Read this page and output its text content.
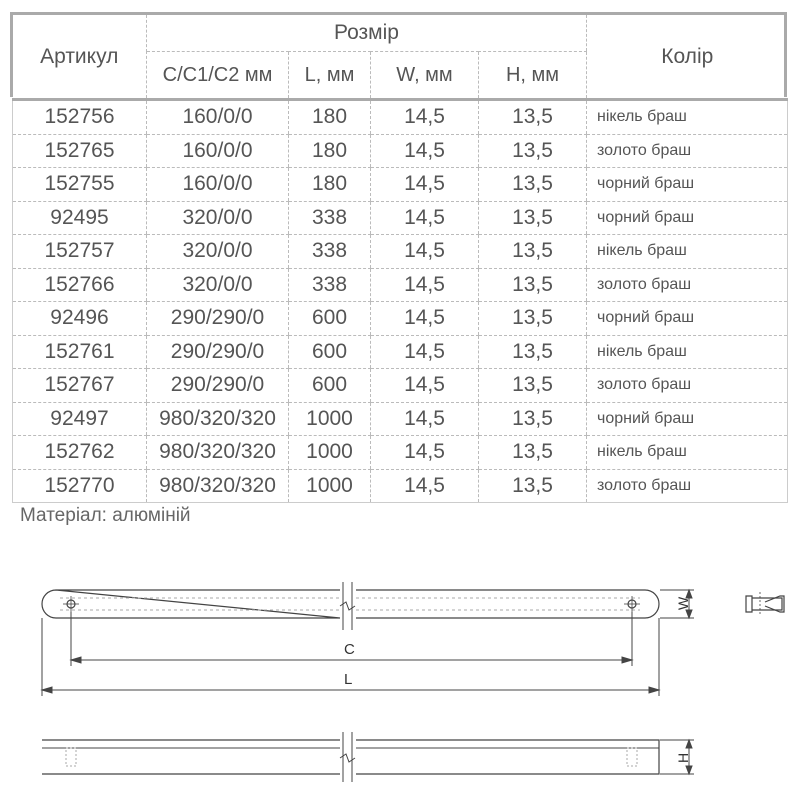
Артикул	Розмір				Колір
	C/C1/C2 мм	L, мм	W, мм	H, мм	
152756	160/0/0	180	14,5	13,5	нікель браш
152765	160/0/0	180	14,5	13,5	золото браш
152755	160/0/0	180	14,5	13,5	чорний браш
92495	320/0/0	338	14,5	13,5	чорний браш
152757	320/0/0	338	14,5	13,5	нікель браш
152766	320/0/0	338	14,5	13,5	золото браш
92496	290/290/0	600	14,5	13,5	чорний браш
152761	290/290/0	600	14,5	13,5	нікель браш
152767	290/290/0	600	14,5	13,5	золото браш
92497	980/320/320	1000	14,5	13,5	чорний браш
152762	980/320/320	1000	14,5	13,5	нікель браш
152770	980/320/320	1000	14,5	13,5	золото браш
Матеріал: алюміній
C
L
W
H
